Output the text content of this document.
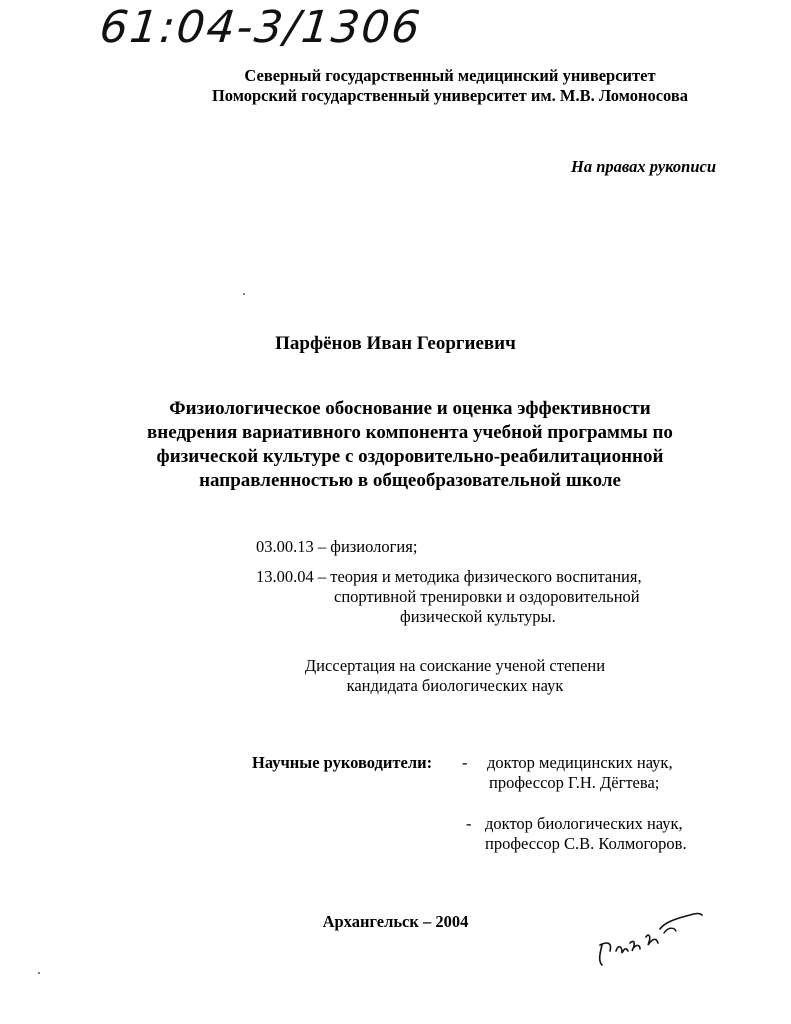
61:04-3/1306
Северный государственный медицинский университет
Поморский государственный университет им. М.В. Ломоносова
На правах рукописи
Парфёнов Иван Георгиевич
Физиологическое обоснование и оценка эффективности
внедрения вариативного компонента учебной программы по
физической культуре с оздоровительно-реабилитационной
направленностью в общеобразовательной школе
03.00.13 – физиология;
13.00.04 – теория и методика физического воспитания,
спортивной тренировки и оздоровительной
физической культуры.
Диссертация на соискание ученой степени
кандидата биологических наук
Научные руководители: - доктор медицинских наук,
профессор Г.Н. Дёгтева;
- доктор биологических наук,
профессор С.В. Колмогоров.
Архангельск – 2004
